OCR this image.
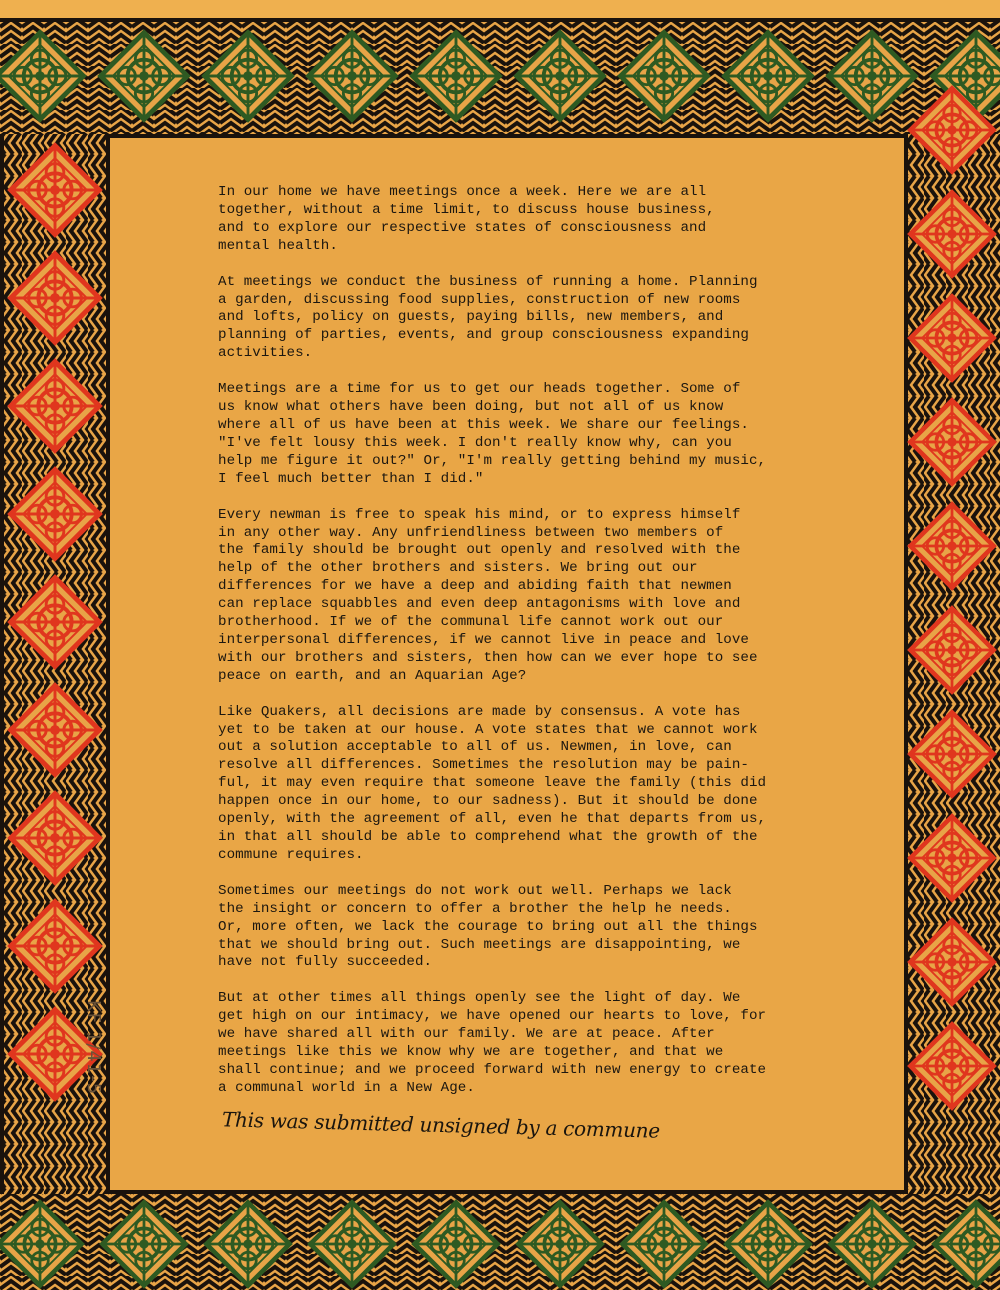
In our home we have meetings once a week. Here we are all
together, without a time limit, to discuss house business,
and to explore our respective states of consciousness and
mental health.

At meetings we conduct the business of running a home. Planning
a garden, discussing food supplies, construction of new rooms
and lofts, policy on guests, paying bills, new members, and
planning of parties, events, and group consciousness expanding
activities.

Meetings are a time for us to get our heads together. Some of
us know what others have been doing, but not all of us know
where all of us have been at this week. We share our feelings.
"I've felt lousy this week. I don't really know why, can you
help me figure it out?" Or, "I'm really getting behind my music,
I feel much better than I did."

Every newman is free to speak his mind, or to express himself
in any other way. Any unfriendliness between two members of
the family should be brought out openly and resolved with the
help of the other brothers and sisters. We bring out our
differences for we have a deep and abiding faith that newmen
can replace squabbles and even deep antagonisms with love and
brotherhood. If we of the communal life cannot work out our
interpersonal differences, if we cannot live in peace and love
with our brothers and sisters, then how can we ever hope to see
peace on earth, and an Aquarian Age?

Like Quakers, all decisions are made by consensus. A vote has
yet to be taken at our house. A vote states that we cannot work
out a solution acceptable to all of us. Newmen, in love, can
resolve all differences. Sometimes the resolution may be pain-
ful, it may even require that someone leave the family (this did
happen once in our home, to our sadness). But it should be done
openly, with the agreement of all, even he that departs from us,
in that all should be able to comprehend what the growth of the
commune requires.

Sometimes our meetings do not work out well. Perhaps we lack
the insight or concern to offer a brother the help he needs.
Or, more often, we lack the courage to bring out all the things
that we should bring out. Such meetings are disappointing, we
have not fully succeeded.

But at other times all things openly see the light of day. We
get high on our intimacy, we have opened our hearts to love, for
we have shared all with our family. We are at peace. After
meetings like this we know why we are together, and that we
shall continue; and we proceed forward with new energy to create
a communal world in a New Age.

This was submitted unsigned by a commune
KF 1/41-5
